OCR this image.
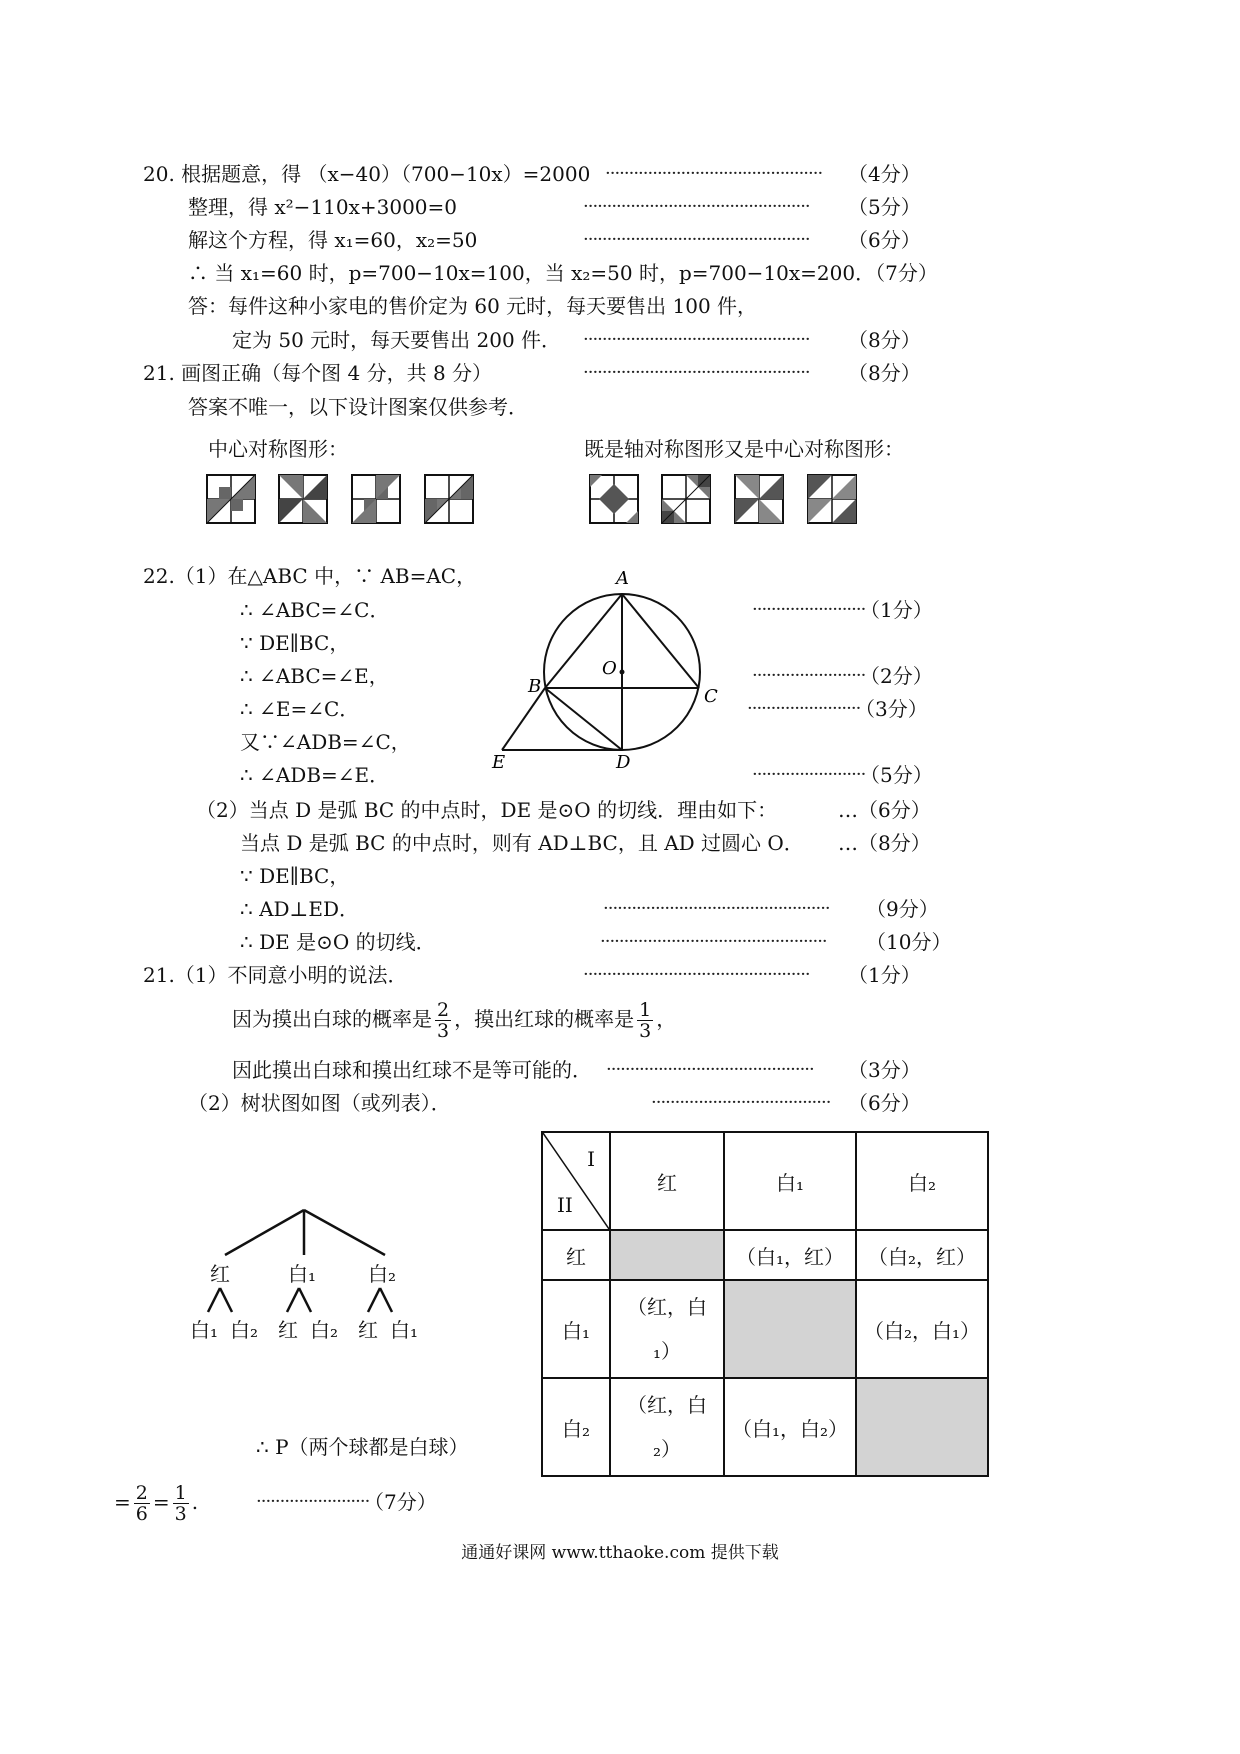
20. 根据题意，得 （x−40）（700−10x）=2000 ·············································· （4分）
整理，得 x²−110x+3000=0	················································ （5分）
解这个方程，得 x₁=60，x₂=50	················································ （6分）
∴ 当 x₁=60 时，p=700−10x=100，当 x₂=50 时，p=700−10x=200．（7分）
答：每件这种小家电的售价定为 60 元时，每天要售出 100 件，
定为 50 元时，每天要售出 200 件． ················································ （8分）
21. 画图正确（每个图 4 分，共 8 分）	················································ （8分）
答案不唯一，以下设计图案仅供参考．
中心对称图形：	既是轴对称图形又是中心对称图形：
22.（1）在△ABC 中，∵ AB=AC，
∴ ∠ABC=∠C．	························
（1分）
∵ DE∥BC，
∴ ∠ABC=∠E，	························
（2分）
∴ ∠E=∠C．	························
（3分）
又∵∠ADB=∠C，
∴ ∠ADB=∠E．	························
（5分）
A
B	C
D
E
O
（2）当点 D 是弧 BC 的中点时，DE 是⊙O 的切线．理由如下：	…（6分）
当点 D 是弧 BC 的中点时，则有 AD⊥BC，且 AD 过圆心 O． …（8分）
∵ DE∥BC，
∴ AD⊥ED．	················································ （9分）
∴ DE 是⊙O 的切线．	················································ （10分）
21.（1）不同意小明的说法．	················································ （1分）
因为摸出白球的概率是 $\frac{2}{3}$ ，摸出红球的概率是 $\frac{1}{3}$ ，
因此摸出白球和摸出红球不是等可能的． ············································ （3分）
（2）树状图如图（或列表）．	······································ （6分）
红	白₁	白₂
白₁ 白₂ 红 白₂ 红 白₁
I
II	红	白₁	白₂
红		（白₁，红）	（白₂，红）
白₁	（红，白₁）		（白₂，白₁）
白₂	（红，白₂）	（白₁，白₂）	
∴ P（两个球都是白球）
= $\frac{2}{6} = \frac{1}{3}$ .	························
（7分）
通通好课网 www.tthaoke.com 提供下载
